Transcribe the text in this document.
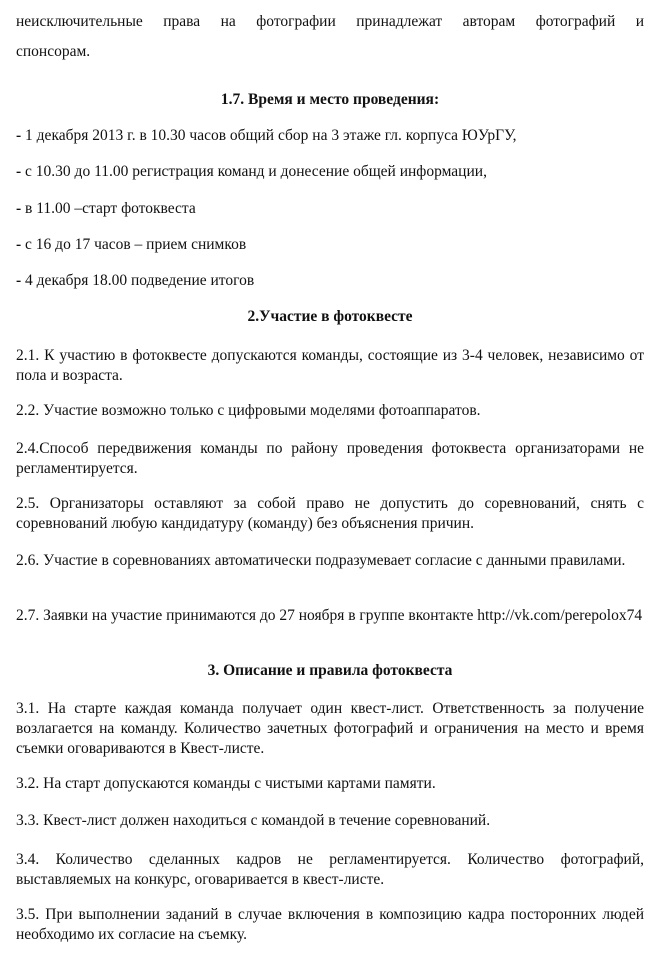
неисключительные права на фотографии принадлежат авторам фотографий и

спонсорам.

1.7. Время и место проведения:

- 1 декабря 2013 г. в 10.30 часов общий сбор на 3 этаже гл. корпуса ЮУрГУ,

- с 10.30 до 11.00 регистрация команд и донесение общей информации,

- в 11.00 –старт фотоквеста

- с 16 до 17 часов – прием снимков

- 4 декабря 18.00 подведение итогов

2.Участие в фотоквесте

2.1. К участию в фотоквесте допускаются команды, состоящие из 3-4 человек, независимо от пола и возраста.

2.2. Участие возможно только с цифровыми моделями фотоаппаратов.

2.4.Способ передвижения команды по району проведения фотоквеста организаторами не регламентируется.

2.5. Организаторы оставляют за собой право не допустить до соревнований, снять с соревнований любую кандидатуру (команду) без объяснения причин.

2.6. Участие в соревнованиях автоматически подразумевает согласие с данными правилами.

2.7. Заявки на участие принимаются до 27 ноября в группе вконтакте http://vk.com/perepolox74

3. Описание и правила фотоквеста

3.1. На старте каждая команда получает один квест-лист. Ответственность за получение возлагается на команду. Количество зачетных фотографий и ограничения на место и время съемки оговариваются в Квест-листе.

3.2. На старт допускаются команды с чистыми картами памяти.

3.3. Квест-лист должен находиться с командой в течение соревнований.

3.4. Количество сделанных кадров не регламентируется. Количество фотографий, выставляемых на конкурс, оговаривается в квест-листе.

3.5. При выполнении заданий в случае включения в композицию кадра посторонних людей необходимо их согласие на съемку.
